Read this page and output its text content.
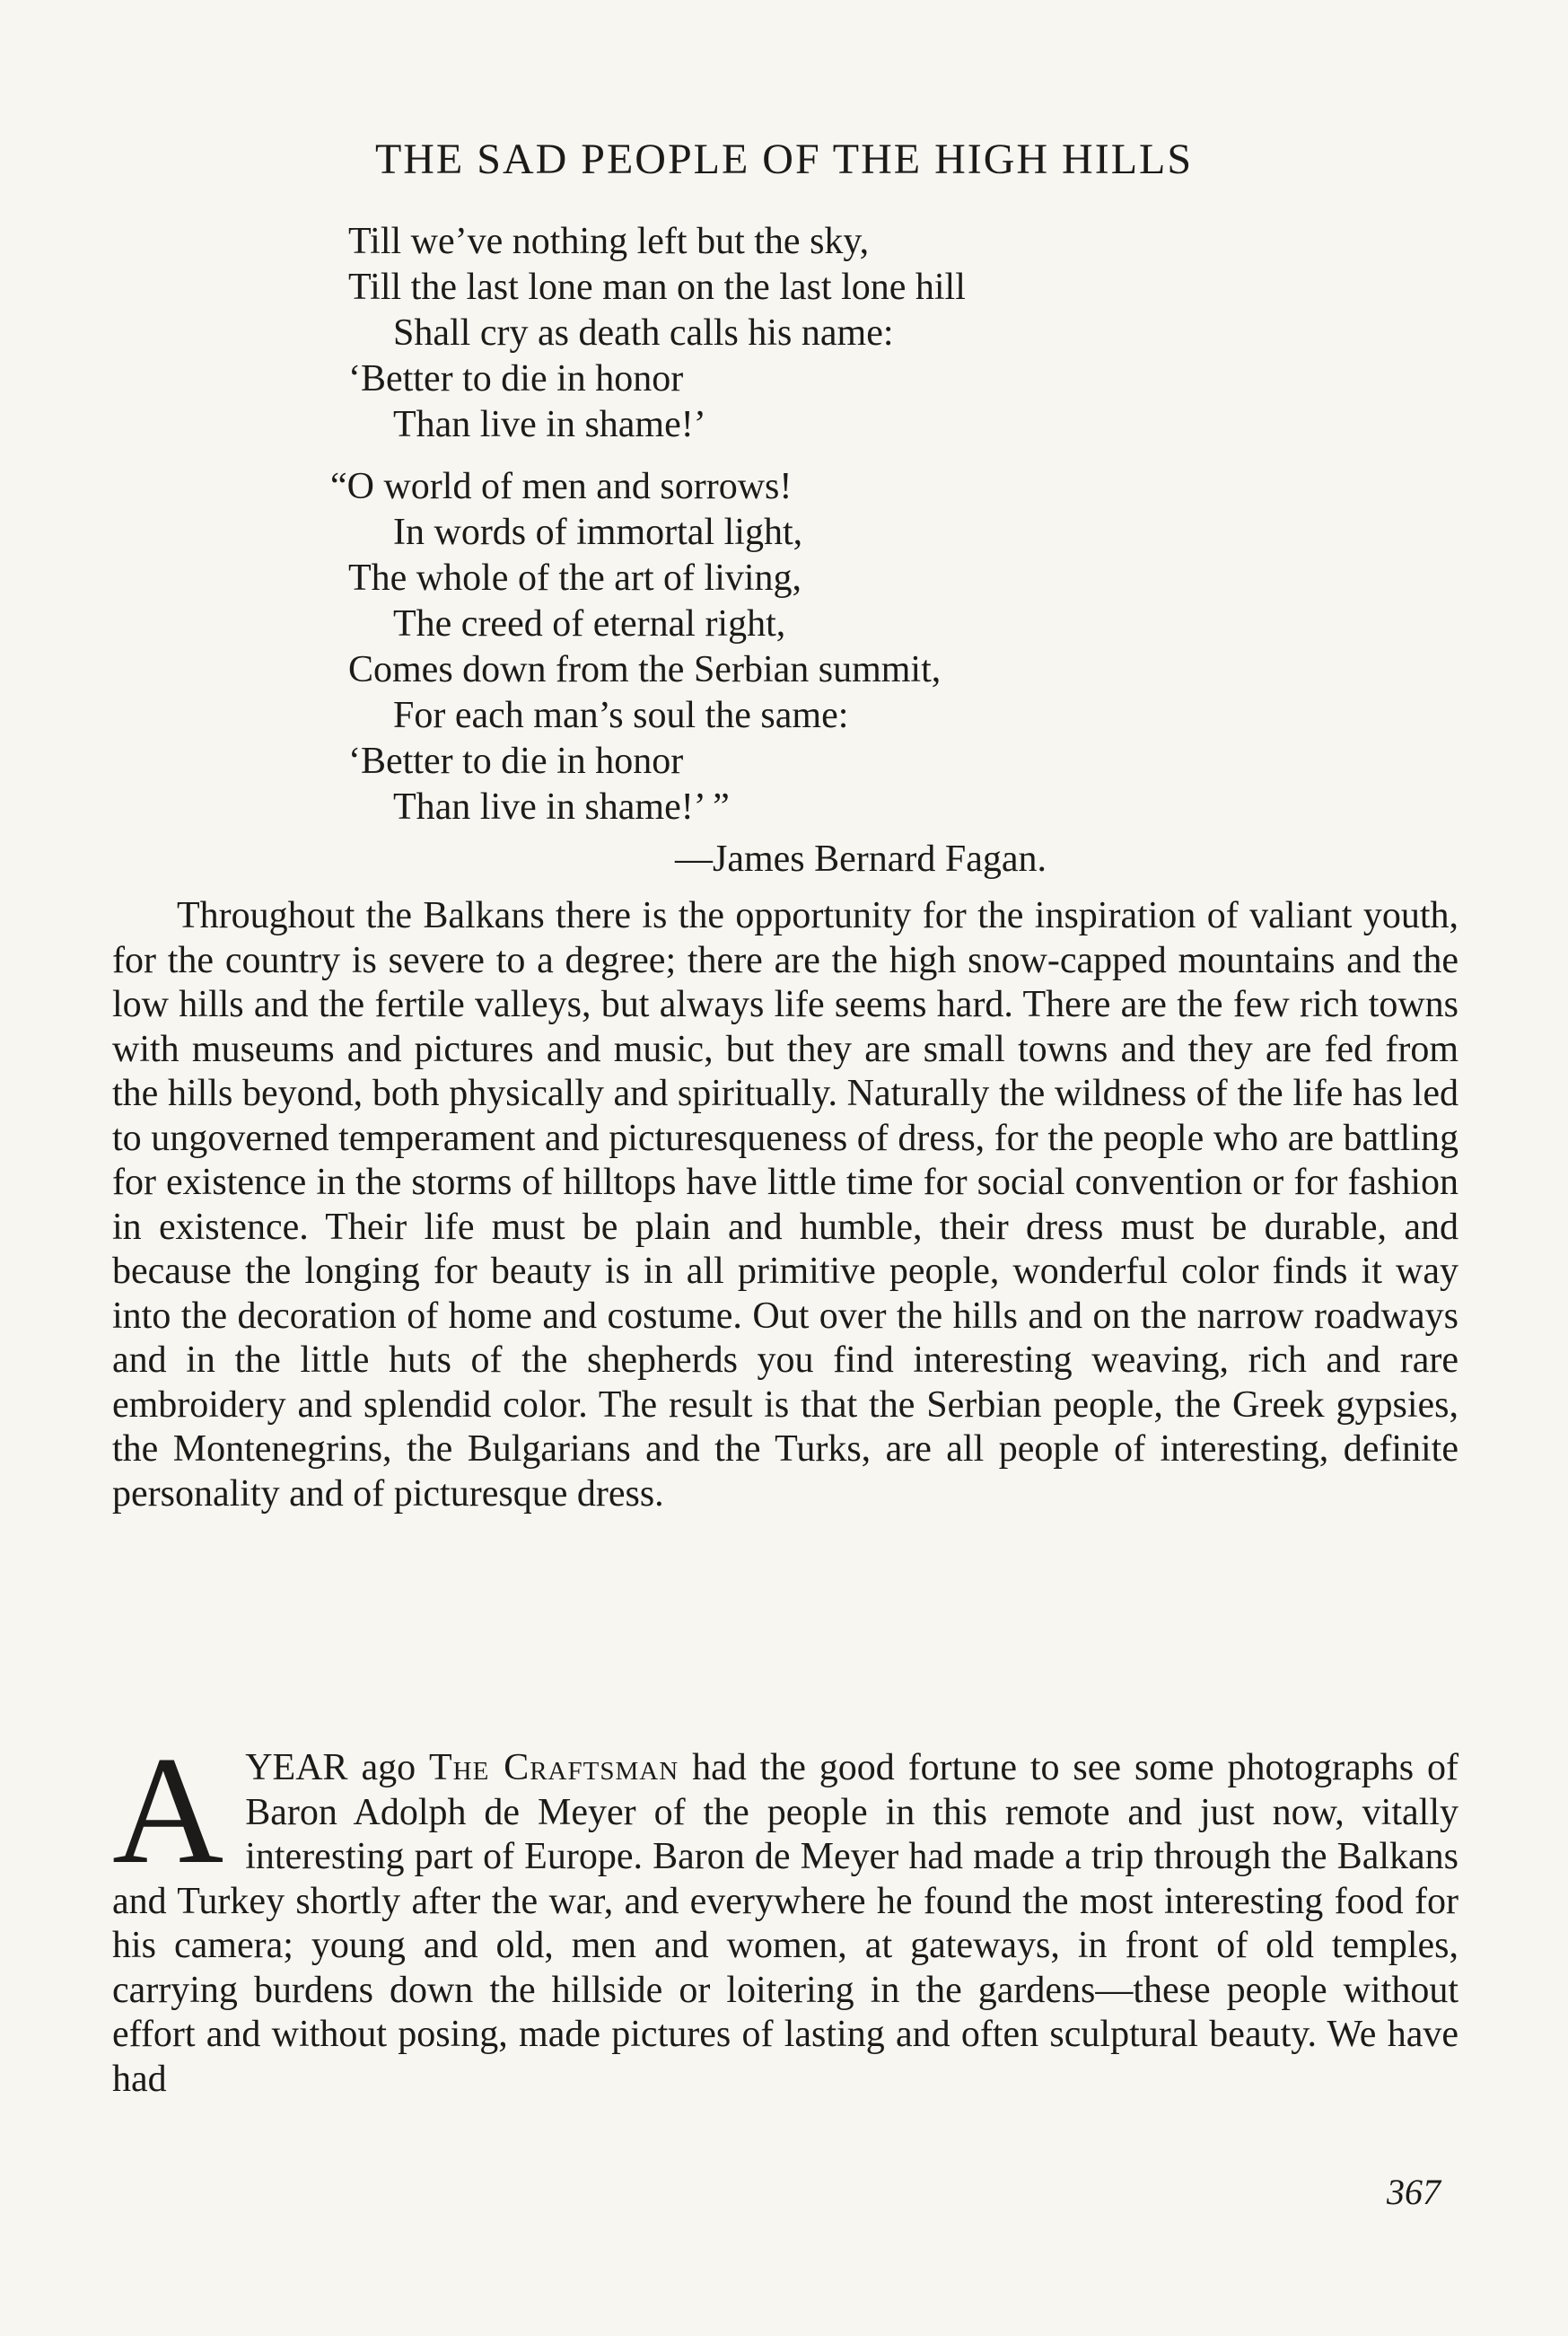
THE SAD PEOPLE OF THE HIGH HILLS
Till we’ve nothing left but the sky,
Till the last lone man on the last lone hill
Shall cry as death calls his name:
‘Better to die in honor
Than live in shame!’
“O world of men and sorrows!
In words of immortal light,
The whole of the art of living,
The creed of eternal right,
Comes down from the Serbian summit,
For each man’s soul the same:
‘Better to die in honor
Than live in shame!’ ”
—James Bernard Fagan.
Throughout the Balkans there is the opportunity for the inspiration of valiant youth, for the country is severe to a degree; there are the high snow-capped mountains and the low hills and the fertile valleys, but always life seems hard. There are the few rich towns with museums and pictures and music, but they are small towns and they are fed from the hills beyond, both physically and spiritually. Naturally the wildness of the life has led to ungoverned temperament and picturesqueness of dress, for the people who are battling for existence in the storms of hilltops have little time for social convention or for fashion in existence. Their life must be plain and humble, their dress must be durable, and because the longing for beauty is in all primitive people, wonderful color finds it way into the decoration of home and costume. Out over the hills and on the narrow roadways and in the little huts of the shepherds you find interesting weaving, rich and rare embroidery and splendid color. The result is that the Serbian people, the Greek gypsies, the Montenegrins, the Bulgarians and the Turks, are all people of interesting, definite personality and of picturesque dress.
A YEAR ago The Craftsman had the good fortune to see some photographs of Baron Adolph de Meyer of the people in this remote and just now, vitally interesting part of Europe. Baron de Meyer had made a trip through the Balkans and Turkey shortly after the war, and everywhere he found the most interesting food for his camera; young and old, men and women, at gateways, in front of old temples, carrying burdens down the hillside or loitering in the gardens—these people without effort and without posing, made pictures of lasting and often sculptural beauty. We have had
367
